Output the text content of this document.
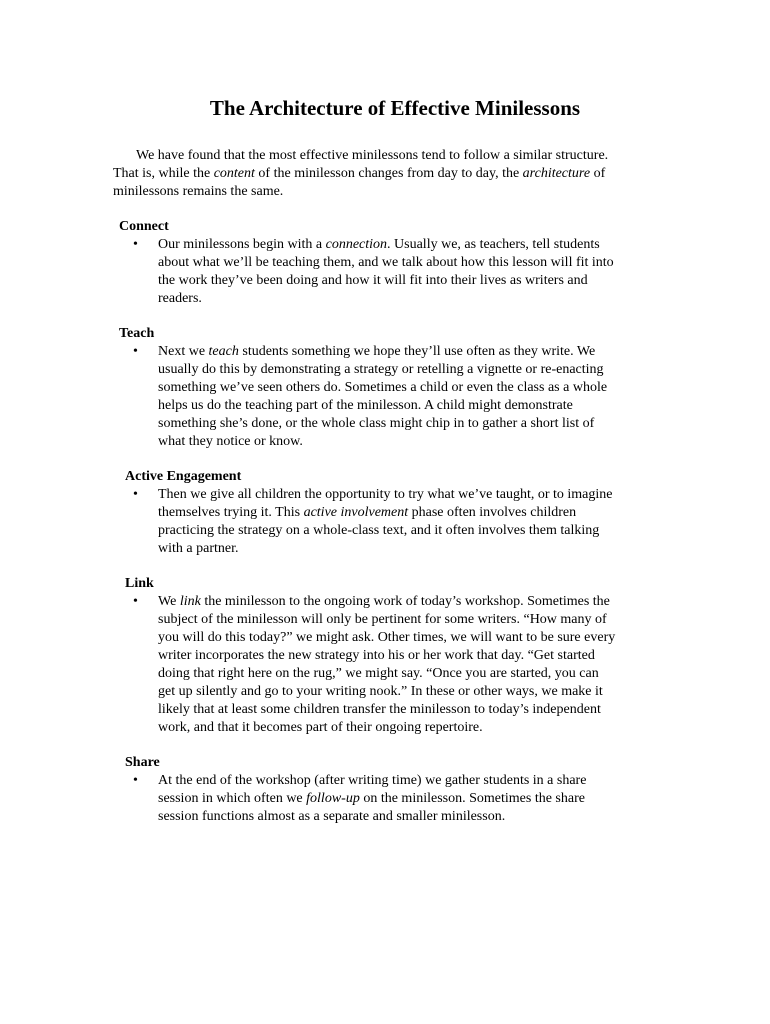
The Architecture of Effective Minilessons

We have found that the most effective minilessons tend to follow a similar structure.
That is, while the content of the minilesson changes from day to day, the architecture of
minilessons remains the same.

Connect
• Our minilessons begin with a connection. Usually we, as teachers, tell students
about what we’ll be teaching them, and we talk about how this lesson will fit into
the work they’ve been doing and how it will fit into their lives as writers and
readers.

Teach
• Next we teach students something we hope they’ll use often as they write. We
usually do this by demonstrating a strategy or retelling a vignette or re-enacting
something we’ve seen others do. Sometimes a child or even the class as a whole
helps us do the teaching part of the minilesson. A child might demonstrate
something she’s done, or the whole class might chip in to gather a short list of
what they notice or know.

Active Engagement
• Then we give all children the opportunity to try what we’ve taught, or to imagine
themselves trying it. This active involvement phase often involves children
practicing the strategy on a whole-class text, and it often involves them talking
with a partner.

Link
• We link the minilesson to the ongoing work of today’s workshop. Sometimes the
subject of the minilesson will only be pertinent for some writers. “How many of
you will do this today?” we might ask. Other times, we will want to be sure every
writer incorporates the new strategy into his or her work that day. “Get started
doing that right here on the rug,” we might say. “Once you are started, you can
get up silently and go to your writing nook.” In these or other ways, we make it
likely that at least some children transfer the minilesson to today’s independent
work, and that it becomes part of their ongoing repertoire.

Share
• At the end of the workshop (after writing time) we gather students in a share
session in which often we follow-up on the minilesson. Sometimes the share
session functions almost as a separate and smaller minilesson.
